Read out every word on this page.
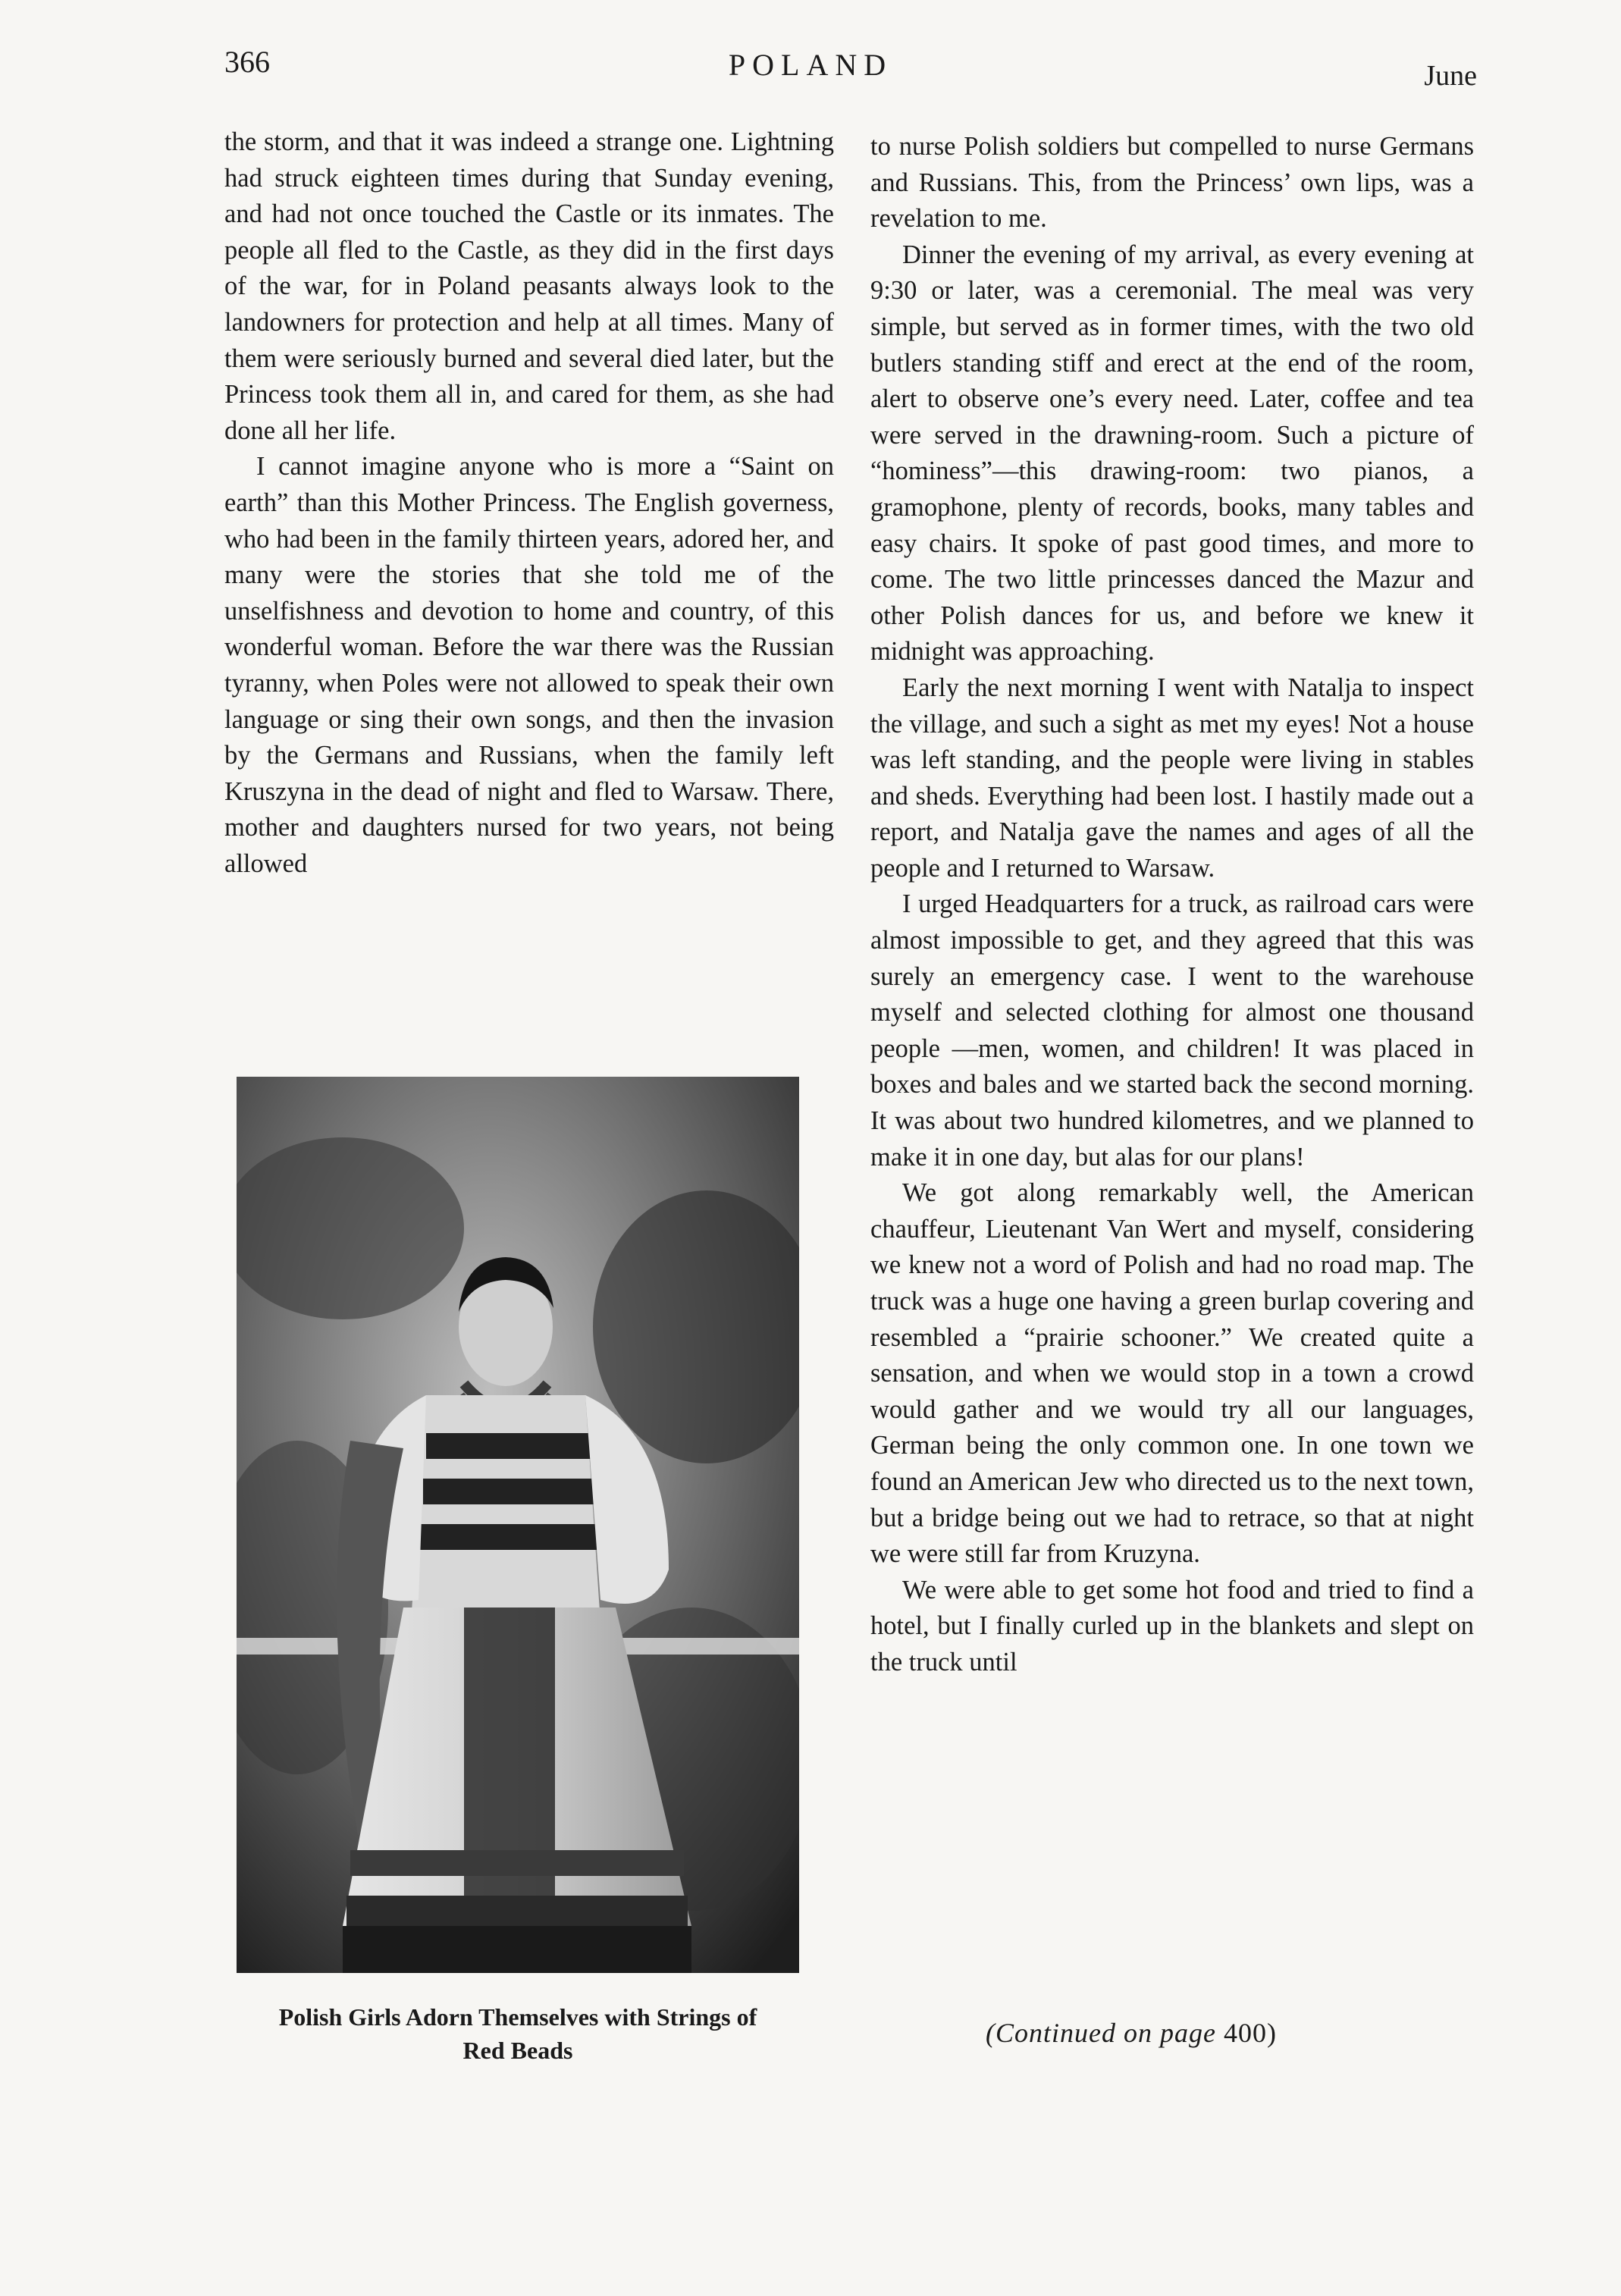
366	POLAND	June

the storm, and that it was indeed a strange one. Lightning had struck eighteen times during that Sunday evening, and had not once touched the Castle or its inmates. The people all fled to the Castle, as they did in the first days of the war, for in Poland peasants always look to the landowners for protection and help at all times. Many of them were seriously burned and several died later, but the Princess took them all in, and cared for them, as she had done all her life.

I cannot imagine anyone who is more a “Saint on earth” than this Mother Princess. The English governess, who had been in the family thirteen years, adored her, and many were the stories that she told me of the unselfishness and devotion to home and country, of this wonderful woman. Before the war there was the Russian tyranny, when Poles were not allowed to speak their own language or sing their own songs, and then the invasion by the Germans and Russians, when the family left Kruszyna in the dead of night and fled to Warsaw. There, mother and daughters nursed for two years, not being allowed

Polish Girls Adorn Themselves with Strings of
Red Beads

to nurse Polish soldiers but compelled to nurse Germans and Russians. This, from the Princess’ own lips, was a revelation to me.

Dinner the evening of my arrival, as every evening at 9:30 or later, was a ceremonial. The meal was very simple, but served as in former times, with the two old butlers standing stiff and erect at the end of the room, alert to observe one’s every need. Later, coffee and tea were served in the drawning-room. Such a picture of “hominess”—this drawing-room: two pianos, a gramophone, plenty of records, books, many tables and easy chairs. It spoke of past good times, and more to come. The two little princesses danced the Mazur and other Polish dances for us, and before we knew it midnight was approaching.

Early the next morning I went with Natalja to inspect the village, and such a sight as met my eyes! Not a house was left standing, and the people were living in stables and sheds. Everything had been lost. I hastily made out a report, and Natalja gave the names and ages of all the people and I returned to Warsaw.

I urged Headquarters for a truck, as railroad cars were almost impossible to get, and they agreed that this was surely an emergency case. I went to the warehouse myself and selected clothing for almost one thousand people —men, women, and children! It was placed in boxes and bales and we started back the second morning. It was about two hundred kilometres, and we planned to make it in one day, but alas for our plans!

We got along remarkably well, the American chauffeur, Lieutenant Van Wert and myself, considering we knew not a word of Polish and had no road map. The truck was a huge one having a green burlap covering and resembled a “prairie schooner.” We created quite a sensation, and when we would stop in a town a crowd would gather and we would try all our languages, German being the only common one. In one town we found an American Jew who directed us to the next town, but a bridge being out we had to retrace, so that at night we were still far from Kruzyna.

We were able to get some hot food and tried to find a hotel, but I finally curled up in the blankets and slept on the truck until

(Continued on page 400)
